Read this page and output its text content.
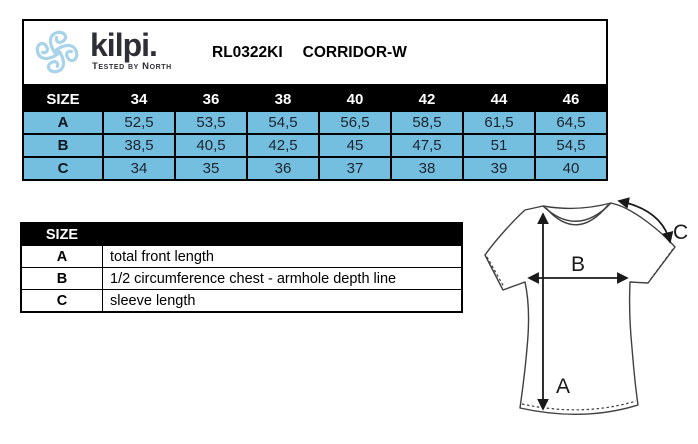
kilpi.
Tested by North
RL0322KI CORRIDOR-W
SIZE	34	36	38	40	42	44	46
A	52,5	53,5	54,5	56,5	58,5	61,5	64,5
B	38,5	40,5	42,5	45	47,5	51	54,5
C	34	35	36	37	38	39	40
SIZE
A	total front length
B	1/2 circumference chest - armhole depth line
C	sleeve length
A
B
C
